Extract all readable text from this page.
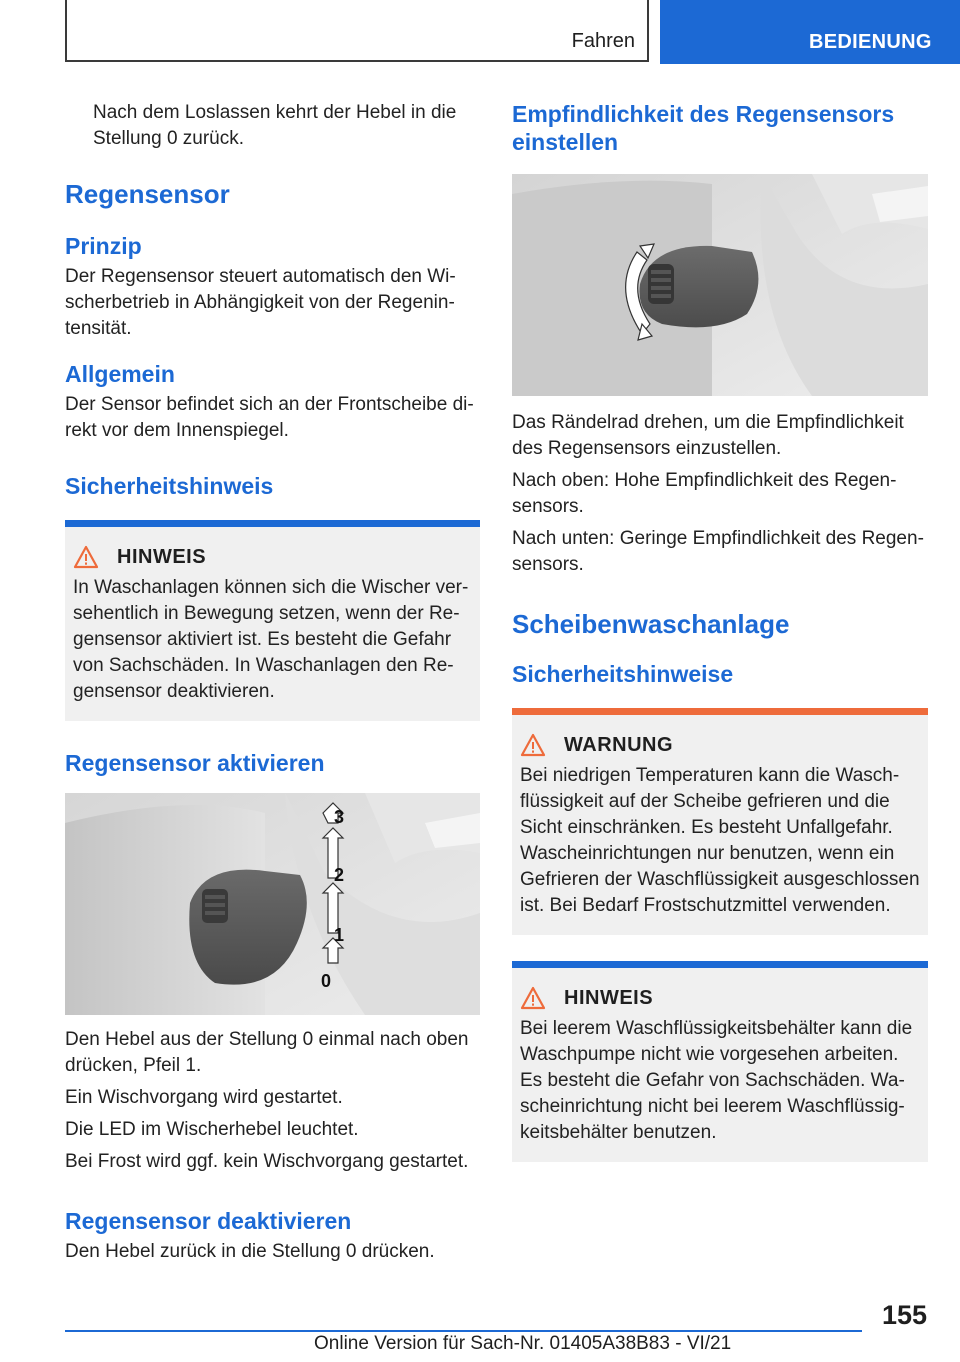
Fahren	BEDIENUNG

Nach dem Loslassen kehrt der Hebel in die Stellung 0 zurück.

Regensensor
Prinzip

Der Regensensor steuert automatisch den Wischerbetrieb in Abhängigkeit von der Regenintensität.

Allgemein

Der Sensor befindet sich an der Frontscheibe direkt vor dem Innenspiegel.

Sicherheitshinweis
HINWEIS

In Waschanlagen können sich die Wischer versehentlich in Bewegung setzen, wenn der Regensensor aktiviert ist. Es besteht die Gefahr von Sachschäden. In Waschanlagen den Regensensor deaktivieren.

Regensensor aktivieren
3
2
1
0

Den Hebel aus der Stellung 0 einmal nach oben drücken, Pfeil 1.

Ein Wischvorgang wird gestartet.

Die LED im Wischerhebel leuchtet.

Bei Frost wird ggf. kein Wischvorgang gestartet.

Regensensor deaktivieren

Den Hebel zurück in die Stellung 0 drücken.

Empfindlichkeit des Regensensors einstellen

Das Rändelrad drehen, um die Empfindlichkeit des Regensensors einzustellen.

Nach oben: Hohe Empfindlichkeit des Regensensors.

Nach unten: Geringe Empfindlichkeit des Regensensors.

Scheibenwaschanlage
Sicherheitshinweise
WARNUNG

Bei niedrigen Temperaturen kann die Waschflüssigkeit auf der Scheibe gefrieren und die Sicht einschränken. Es besteht Unfallgefahr. Wascheinrichtungen nur benutzen, wenn ein Gefrieren der Waschflüssigkeit ausgeschlossen ist. Bei Bedarf Frostschutzmittel verwenden.

HINWEIS

Bei leerem Waschflüssigkeitsbehälter kann die Waschpumpe nicht wie vorgesehen arbeiten. Es besteht die Gefahr von Sachschäden. Wascheinrichtung nicht bei leerem Waschflüssigkeitsbehälter benutzen.

155
Online Version für Sach-Nr. 01405A38B83 - VI/21
